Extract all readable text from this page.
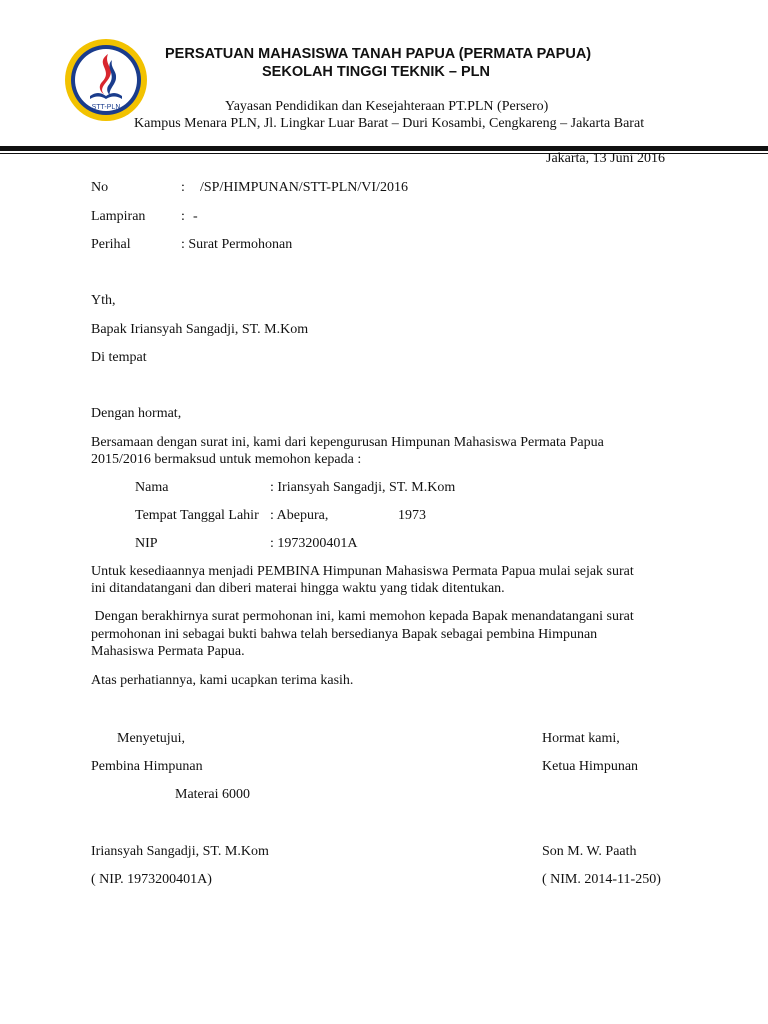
STT-PLN
PERSATUAN MAHASISWA TANAH PAPUA (PERMATA PAPUA)
SEKOLAH TINGGI TEKNIK – PLN
Yayasan Pendidikan dan Kesejahteraan PT.PLN (Persero)
Kampus Menara PLN, Jl. Lingkar Luar Barat – Duri Kosambi, Cengkareng – Jakarta Barat
Jakarta, 13 Juni 2016
No	: /SP/HIMPUNAN/STT-PLN/VI/2016
Lampiran	: -
Perihal	: Surat Permohonan
Yth,
Bapak Iriansyah Sangadji, ST. M.Kom
Di tempat
Dengan hormat,
Bersamaan dengan surat ini, kami dari kepengurusan Himpunan Mahasiswa Permata Papua
2015/2016 bermaksud untuk memohon kepada :
Nama	: Iriansyah Sangadji, ST. M.Kom
Tempat Tanggal Lahir : Abepura,	1973
NIP	: 1973200401A
Untuk kesediaannya menjadi PEMBINA Himpunan Mahasiswa Permata Papua mulai sejak surat
ini ditandatangani dan diberi materai hingga waktu yang tidak ditentukan.
Dengan berakhirnya surat permohonan ini, kami memohon kepada Bapak menandatangani surat
permohonan ini sebagai bukti bahwa telah bersedianya Bapak sebagai pembina Himpunan
Mahasiswa Permata Papua.
Atas perhatiannya, kami ucapkan terima kasih.
Menyetujui,
Pembina Himpunan
Materai 6000
Iriansyah Sangadji, ST. M.Kom
( NIP. 1973200401A)
Hormat kami,
Ketua Himpunan
Son M. W. Paath
( NIM. 2014-11-250)
